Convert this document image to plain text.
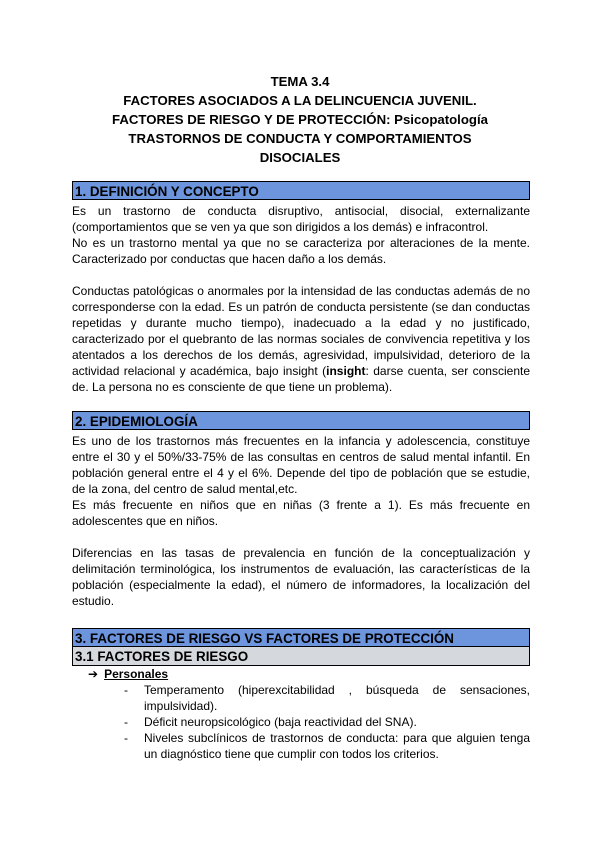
TEMA 3.4
FACTORES ASOCIADOS A LA DELINCUENCIA JUVENIL.
FACTORES DE RIESGO Y DE PROTECCIÓN: Psicopatología
TRASTORNOS DE CONDUCTA Y COMPORTAMIENTOS
DISOCIALES
1. DEFINICIÓN Y CONCEPTO

Es un trastorno de conducta disruptivo, antisocial, disocial, externalizante (comportamientos que se ven ya que son dirigidos a los demás) e infracontrol.

No es un trastorno mental ya que no se caracteriza por alteraciones de la mente. Caracterizado por conductas que hacen daño a los demás.

Conductas patológicas o anormales por la intensidad de las conductas además de no corresponderse con la edad. Es un patrón de conducta persistente (se dan conductas repetidas y durante mucho tiempo), inadecuado a la edad y no justificado, caracterizado por el quebranto de las normas sociales de convivencia repetitiva y los atentados a los derechos de los demás, agresividad, impulsividad, deterioro de la actividad relacional y académica, bajo insight (insight: darse cuenta, ser consciente de. La persona no es consciente de que tiene un problema).

2. EPIDEMIOLOGÍA

Es uno de los trastornos más frecuentes en la infancia y adolescencia, constituye entre el 30 y el 50%/33-75% de las consultas en centros de salud mental infantil. En población general entre el 4 y el 6%. Depende del tipo de población que se estudie, de la zona, del centro de salud mental,etc.

Es más frecuente en niños que en niñas (3 frente a 1). Es más frecuente en adolescentes que en niños.

Diferencias en las tasas de prevalencia en función de la conceptualización y delimitación terminológica, los instrumentos de evaluación, las características de la población (especialmente la edad), el número de informadores, la localización del estudio.

3. FACTORES DE RIESGO VS FACTORES DE PROTECCIÓN
3.1 FACTORES DE RIESGO
➔ Personales
- Temperamento (hiperexcitabilidad , búsqueda de sensaciones, impulsividad).
- Déficit neuropsicológico (baja reactividad del SNA).
- Niveles subclínicos de trastornos de conducta: para que alguien tenga un diagnóstico tiene que cumplir con todos los criterios.
